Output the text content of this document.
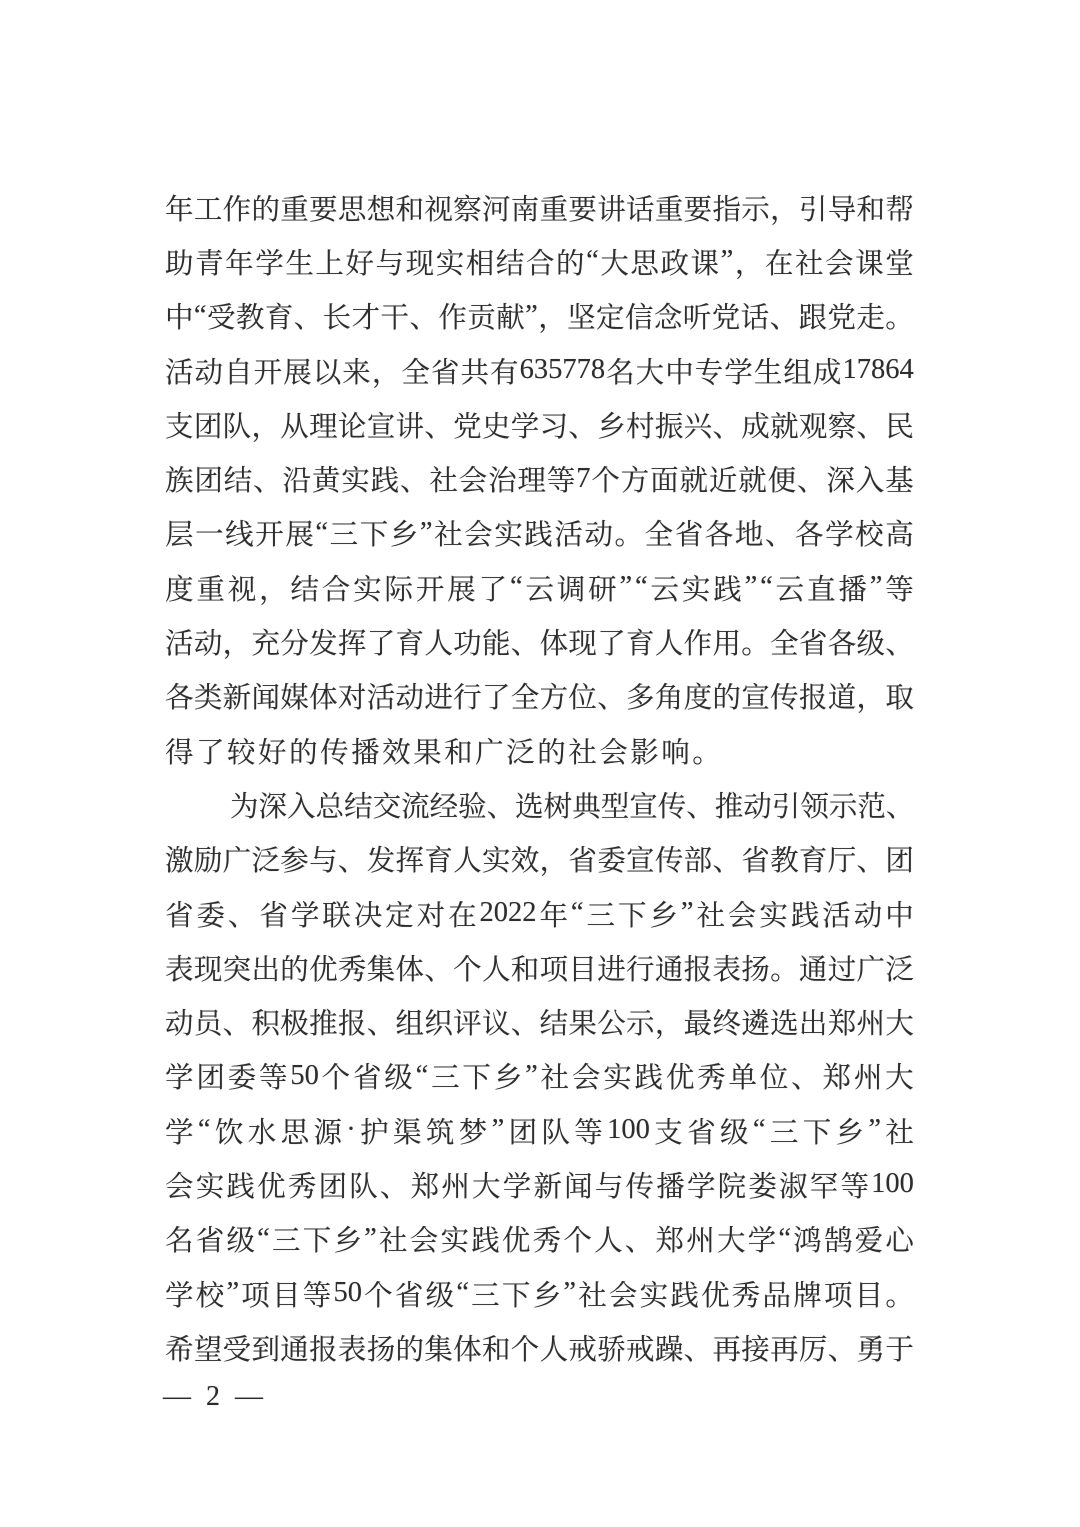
年 工 作 的 重 要 思 想 和 视 察 河 南 重 要 讲 话 重 要 指 示 ， 引 导 和 帮
助 青 年 学 生 上 好 与 现 实 相 结 合 的 “ 大 思 政 课 ” ， 在 社 会 课 堂
中 “ 受 教 育 、 长 才 干 、 作 贡 献 ” ， 坚 定 信 念 听 党 话 、 跟 党 走 。
活 动 自 开 展 以 来 ， 全 省 共 有 635778 名 大 中 专 学 生 组 成 17864
支 团 队 ， 从 理 论 宣 讲 、 党 史 学 习 、 乡 村 振 兴 、 成 就 观 察 、 民
族 团 结 、 沿 黄 实 践 、 社 会 治 理 等 7 个 方 面 就 近 就 便 、 深 入 基
层 一 线 开 展 “ 三 下 乡 ” 社 会 实 践 活 动 。 全 省 各 地 、 各 学 校 高
度 重 视 ， 结 合 实 际 开 展 了 “ 云 调 研 ” “ 云 实 践 ” “ 云 直 播 ” 等
活 动 ， 充 分 发 挥 了 育 人 功 能 、 体 现 了 育 人 作 用 。 全 省 各 级 、
各 类 新 闻 媒 体 对 活 动 进 行 了 全 方 位 、 多 角 度 的 宣 传 报 道 ， 取
得 了 较 好 的 传 播 效 果 和 广 泛 的 社 会 影 响 。
为 深 入 总 结 交 流 经 验 、 选 树 典 型 宣 传 、 推 动 引 领 示 范 、
激 励 广 泛 参 与 、 发 挥 育 人 实 效 ， 省 委 宣 传 部 、 省 教 育 厅 、 团
省 委 、 省 学 联 决 定 对 在 2022 年 “ 三 下 乡 ” 社 会 实 践 活 动 中
表 现 突 出 的 优 秀 集 体 、 个 人 和 项 目 进 行 通 报 表 扬 。 通 过 广 泛
动 员 、 积 极 推 报 、 组 织 评 议 、 结 果 公 示 ， 最 终 遴 选 出 郑 州 大
学 团 委 等 50 个 省 级 “ 三 下 乡 ” 社 会 实 践 优 秀 单 位 、 郑 州 大
学 “ 饮 水 思 源 · 护 渠 筑 梦 ” 团 队 等 100 支 省 级 “ 三 下 乡 ” 社
会 实 践 优 秀 团 队 、 郑 州 大 学 新 闻 与 传 播 学 院 娄 淑 罕 等 100
名 省 级 “ 三 下 乡 ” 社 会 实 践 优 秀 个 人 、 郑 州 大 学 “ 鸿 鹄 爱 心
学 校 ” 项 目 等 50 个 省 级 “ 三 下 乡 ” 社 会 实 践 优 秀 品 牌 项 目 。
希 望 受 到 通 报 表 扬 的 集 体 和 个 人 戒 骄 戒 躁 、 再 接 再 厉 、 勇 于
— 2 —
